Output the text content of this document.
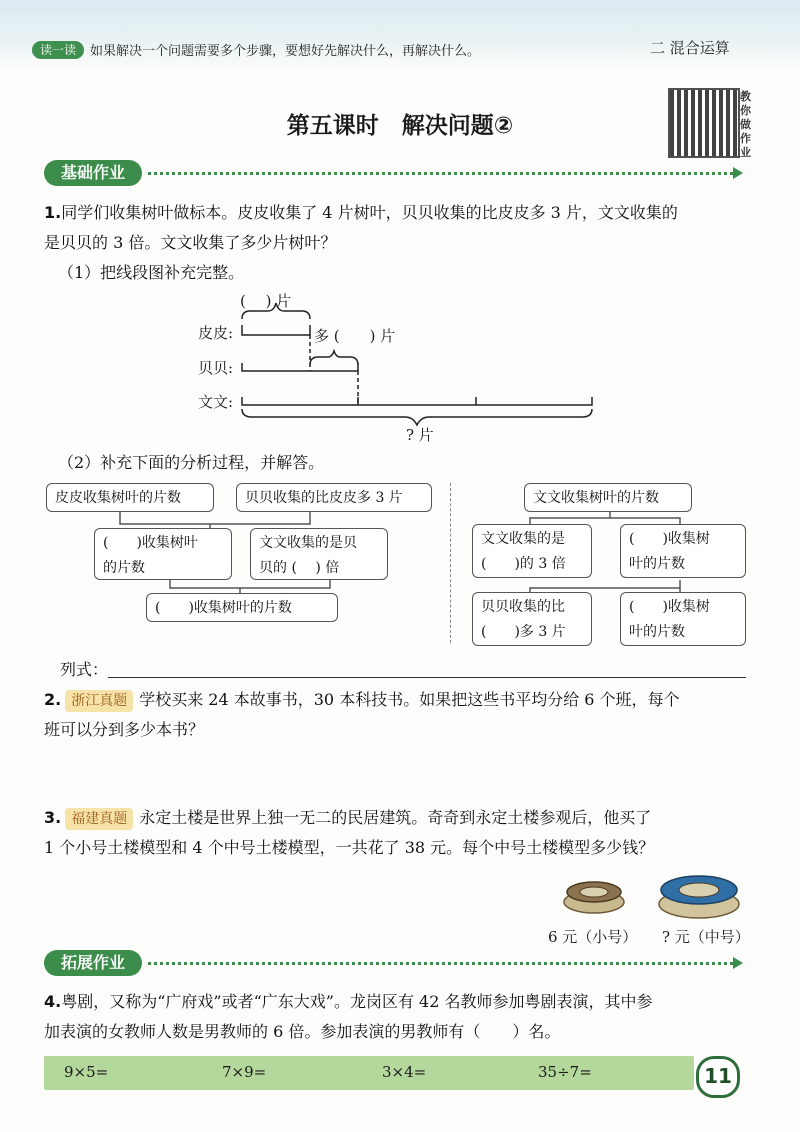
读一读	如果解决一个问题需要多个步骤，要想好先解决什么，再解决什么。	二 混合运算
第五课时　解决问题②
教你做作业
基础作业
1.同学们收集树叶做标本。皮皮收集了 4 片树叶，贝贝收集的比皮皮多 3 片，文文收集的
是贝贝的 3 倍。文文收集了多少片树叶？
（1）把线段图补充完整。
(　 ) 片
皮皮:	多 (　　) 片
贝贝:
文文:
? 片
（2）补充下面的分析过程，并解答。
皮皮收集树叶的片数	贝贝收集的比皮皮多 3 片
(　　)收集树叶
的片数
文文收集的是贝
贝的 (　 ) 倍
(　　)收集树叶的片数
文文收集树叶的片数
文文收集的是
(　　)的 3 倍
(　　)收集树
叶的片数
贝贝收集的比
(　　)多 3 片
(　　)收集树
叶的片数
列式：
2. 浙江真题 学校买来 24 本故事书，30 本科技书。如果把这些书平均分给 6 个班，每个
班可以分到多少本书？
3. 福建真题 永定土楼是世界上独一无二的民居建筑。奇奇到永定土楼参观后，他买了
1 个小号土楼模型和 4 个中号土楼模型，一共花了 38 元。每个中号土楼模型多少钱？
6 元（小号） ? 元（中号）
拓展作业
4.粤剧，又称为“广府戏”或者“广东大戏”。龙岗区有 42 名教师参加粤剧表演，其中参
加表演的女教师人数是男教师的 6 倍。参加表演的男教师有（　　）名。
9×5=	7×9=	3×4=	35÷7=	11
